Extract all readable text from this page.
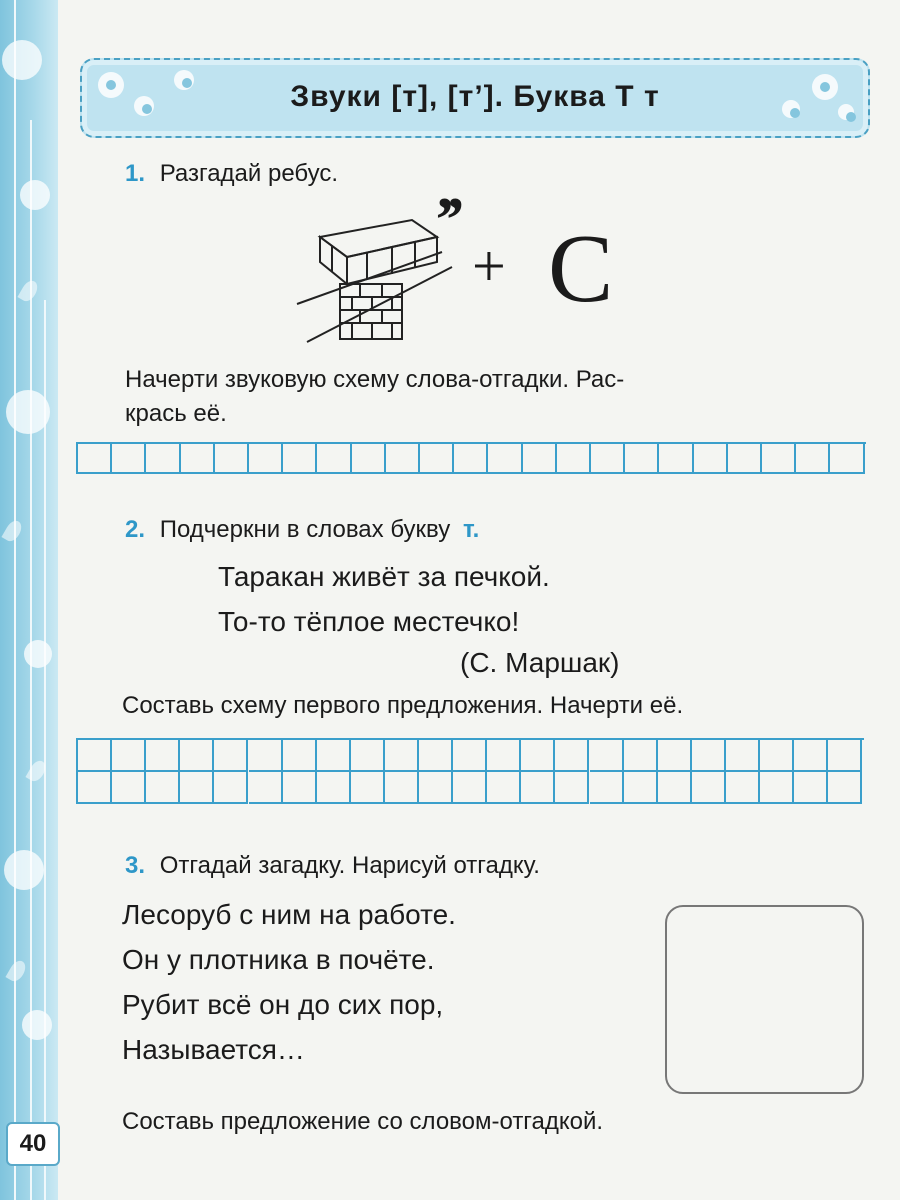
40
Звуки [т], [т’]. Буква Т т
1. Разгадай ребус.
’’
+ С
Начерти звуковую схему слова-отгадки. Рас-
крась её.
2. Подчеркни в словах букву т.
Таракан живёт за печкой.
То-то тёплое местечко!
(С. Маршак)
Составь схему первого предложения. Начерти её.
3. Отгадай загадку. Нарисуй отгадку.
Лесоруб с ним на работе.
Он у плотника в почёте.
Рубит всё он до сих пор,
Называется…
Составь предложение со словом-отгадкой.
